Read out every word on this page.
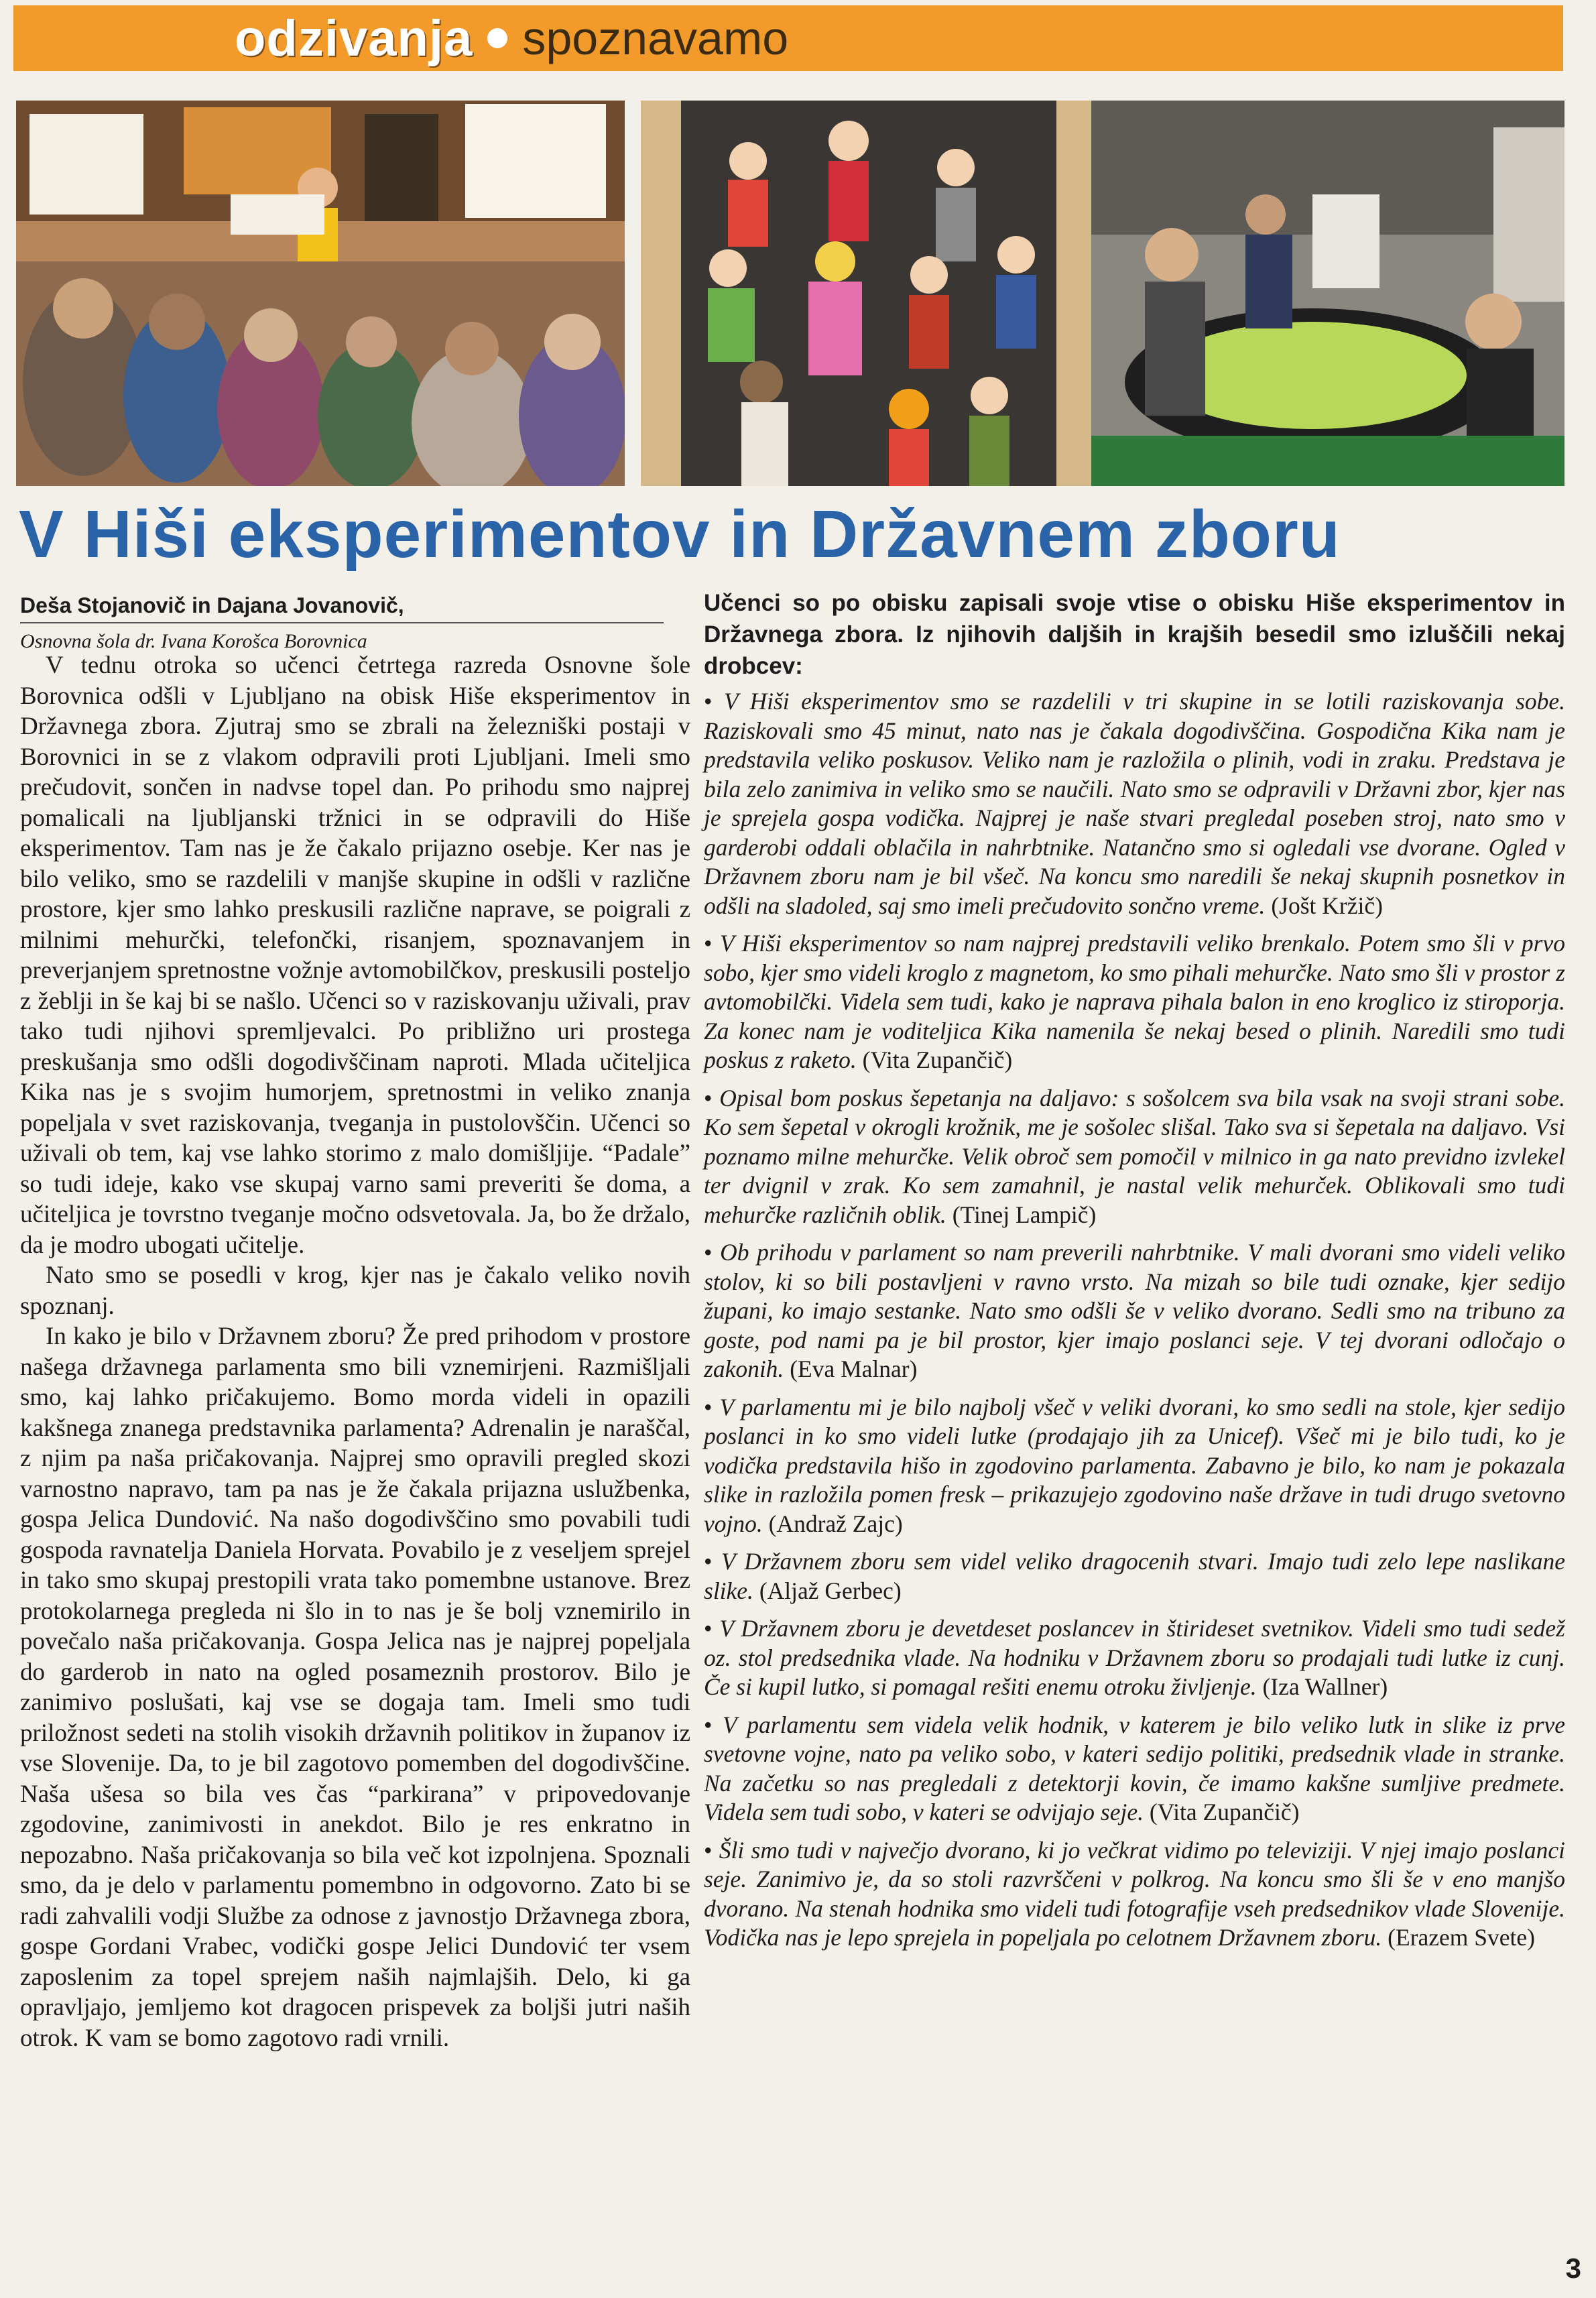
odzivanja spoznavamo
V Hiši eksperimentov in Državnem zboru
Deša Stojanovič in Dajana Jovanovič,
Osnovna šola dr. Ivana Korošca Borovnica

V tednu otroka so učenci četrtega razreda Osnovne šole Borovnica odšli v Ljubljano na obisk Hiše eksperimentov in Državnega zbora. Zjutraj smo se zbrali na železniški postaji v Borovnici in se z vlakom odpravili proti Ljubljani. Imeli smo prečudovit, sončen in nadvse topel dan. Po prihodu smo najprej pomalicali na ljubljanski tržnici in se odpravili do Hiše eksperimentov. Tam nas je že čakalo prijazno osebje. Ker nas je bilo veliko, smo se razdelili v manjše skupine in odšli v različne prostore, kjer smo lahko preskusili različne naprave, se poigrali z milnimi mehurčki, telefončki, risanjem, spoznavanjem in preverjanjem spretnostne vožnje avtomobilčkov, preskusili posteljo z žeblji in še kaj bi se našlo. Učenci so v raziskovanju uživali, prav tako tudi njihovi spremljevalci. Po približno uri prostega preskušanja smo odšli dogodivščinam naproti. Mlada učiteljica Kika nas je s svojim humorjem, spretnostmi in veliko znanja popeljala v svet raziskovanja, tveganja in pustolovščin. Učenci so uživali ob tem, kaj vse lahko storimo z malo domišljije. “Padale” so tudi ideje, kako vse skupaj varno sami preveriti še doma, a učiteljica je tovrstno tveganje močno odsvetovala. Ja, bo že držalo, da je modro ubogati učitelje.

Nato smo se posedli v krog, kjer nas je čakalo veliko novih spoznanj.

In kako je bilo v Državnem zboru? Že pred prihodom v prostore našega državnega parlamenta smo bili vznemirjeni. Razmišljali smo, kaj lahko pričakujemo. Bomo morda videli in opazili kakšnega znanega predstavnika parlamenta? Adrenalin je naraščal, z njim pa naša pričakovanja. Najprej smo opravili pregled skozi varnostno napravo, tam pa nas je že čakala prijazna uslužbenka, gospa Jelica Dundović. Na našo dogodivščino smo povabili tudi gospoda ravnatelja Daniela Horvata. Povabilo je z veseljem sprejel in tako smo skupaj prestopili vrata tako pomembne ustanove. Brez protokolarnega pregleda ni šlo in to nas je še bolj vznemirilo in povečalo naša pričakovanja. Gospa Jelica nas je najprej popeljala do garderob in nato na ogled posameznih prostorov. Bilo je zanimivo poslušati, kaj vse se dogaja tam. Imeli smo tudi priložnost sedeti na stolih visokih državnih politikov in županov iz vse Slovenije. Da, to je bil zagotovo pomemben del dogodivščine. Naša ušesa so bila ves čas “parkirana” v pripovedovanje zgodovine, zanimivosti in anekdot. Bilo je res enkratno in nepozabno. Naša pričakovanja so bila več kot izpolnjena. Spoznali smo, da je delo v parlamentu pomembno in odgovorno. Zato bi se radi zahvalili vodji Službe za odnose z javnostjo Državnega zbora, gospe Gordani Vrabec, vodički gospe Jelici Dundović ter vsem zaposlenim za topel sprejem naših najmlajših. Delo, ki ga opravljajo, jemljemo kot dragocen prispevek za boljši jutri naših otrok. K vam se bomo zagotovo radi vrnili.

Učenci so po obisku zapisali svoje vtise o obisku Hiše eksperimentov in Državnega zbora. Iz njihovih daljših in krajših besedil smo izluščili nekaj drobcev:

• V Hiši eksperimentov smo se razdelili v tri skupine in se lotili raziskovanja sobe. Raziskovali smo 45 minut, nato nas je čakala dogodivščina. Gospodična Kika nam je predstavila veliko poskusov. Veliko nam je razložila o plinih, vodi in zraku. Predstava je bila zelo zanimiva in veliko smo se naučili. Nato smo se odpravili v Državni zbor, kjer nas je sprejela gospa vodička. Najprej je naše stvari pregledal poseben stroj, nato smo v garderobi oddali oblačila in nahrbtnike. Natančno smo si ogledali vse dvorane. Ogled v Državnem zboru nam je bil všeč. Na koncu smo naredili še nekaj skupnih posnetkov in odšli na sladoled, saj smo imeli prečudovito sončno vreme. (Jošt Kržič)

• V Hiši eksperimentov so nam najprej predstavili veliko brenkalo. Potem smo šli v prvo sobo, kjer smo videli kroglo z magnetom, ko smo pihali mehurčke. Nato smo šli v prostor z avtomobilčki. Videla sem tudi, kako je naprava pihala balon in eno kroglico iz stiroporja. Za konec nam je voditeljica Kika namenila še nekaj besed o plinih. Naredili smo tudi poskus z raketo. (Vita Zupančič)

• Opisal bom poskus šepetanja na daljavo: s sošolcem sva bila vsak na svoji strani sobe. Ko sem šepetal v okrogli krožnik, me je sošolec slišal. Tako sva si šepetala na daljavo. Vsi poznamo milne mehurčke. Velik obroč sem pomočil v milnico in ga nato previdno izvlekel ter dvignil v zrak. Ko sem zamahnil, je nastal velik mehurček. Oblikovali smo tudi mehurčke različnih oblik. (Tinej Lampič)

• Ob prihodu v parlament so nam preverili nahrbtnike. V mali dvorani smo videli veliko stolov, ki so bili postavljeni v ravno vrsto. Na mizah so bile tudi oznake, kjer sedijo župani, ko imajo sestanke. Nato smo odšli še v veliko dvorano. Sedli smo na tribuno za goste, pod nami pa je bil prostor, kjer imajo poslanci seje. V tej dvorani odločajo o zakonih. (Eva Malnar)

• V parlamentu mi je bilo najbolj všeč v veliki dvorani, ko smo sedli na stole, kjer sedijo poslanci in ko smo videli lutke (prodajajo jih za Unicef). Všeč mi je bilo tudi, ko je vodička predstavila hišo in zgodovino parlamenta. Zabavno je bilo, ko nam je pokazala slike in razložila pomen fresk – prikazujejo zgodovino naše države in tudi drugo svetovno vojno. (Andraž Zajc)

• V Državnem zboru sem videl veliko dragocenih stvari. Imajo tudi zelo lepe naslikane slike. (Aljaž Gerbec)

• V Državnem zboru je devetdeset poslancev in štirideset svetnikov. Videli smo tudi sedež oz. stol predsednika vlade. Na hodniku v Državnem zboru so prodajali tudi lutke iz cunj. Če si kupil lutko, si pomagal rešiti enemu otroku življenje. (Iza Wallner)

• V parlamentu sem videla velik hodnik, v katerem je bilo veliko lutk in slike iz prve svetovne vojne, nato pa veliko sobo, v kateri sedijo politiki, predsednik vlade in stranke. Na začetku so nas pregledali z detektorji kovin, če imamo kakšne sumljive predmete. Videla sem tudi sobo, v kateri se odvijajo seje. (Vita Zupančič)

• Šli smo tudi v največjo dvorano, ki jo večkrat vidimo po televiziji. V njej imajo poslanci seje. Zanimivo je, da so stoli razvrščeni v polkrog. Na koncu smo šli še v eno manjšo dvorano. Na stenah hodnika smo videli tudi fotografije vseh predsednikov vlade Slovenije. Vodička nas je lepo sprejela in popeljala po celotnem Državnem zboru. (Erazem Svete)

3
